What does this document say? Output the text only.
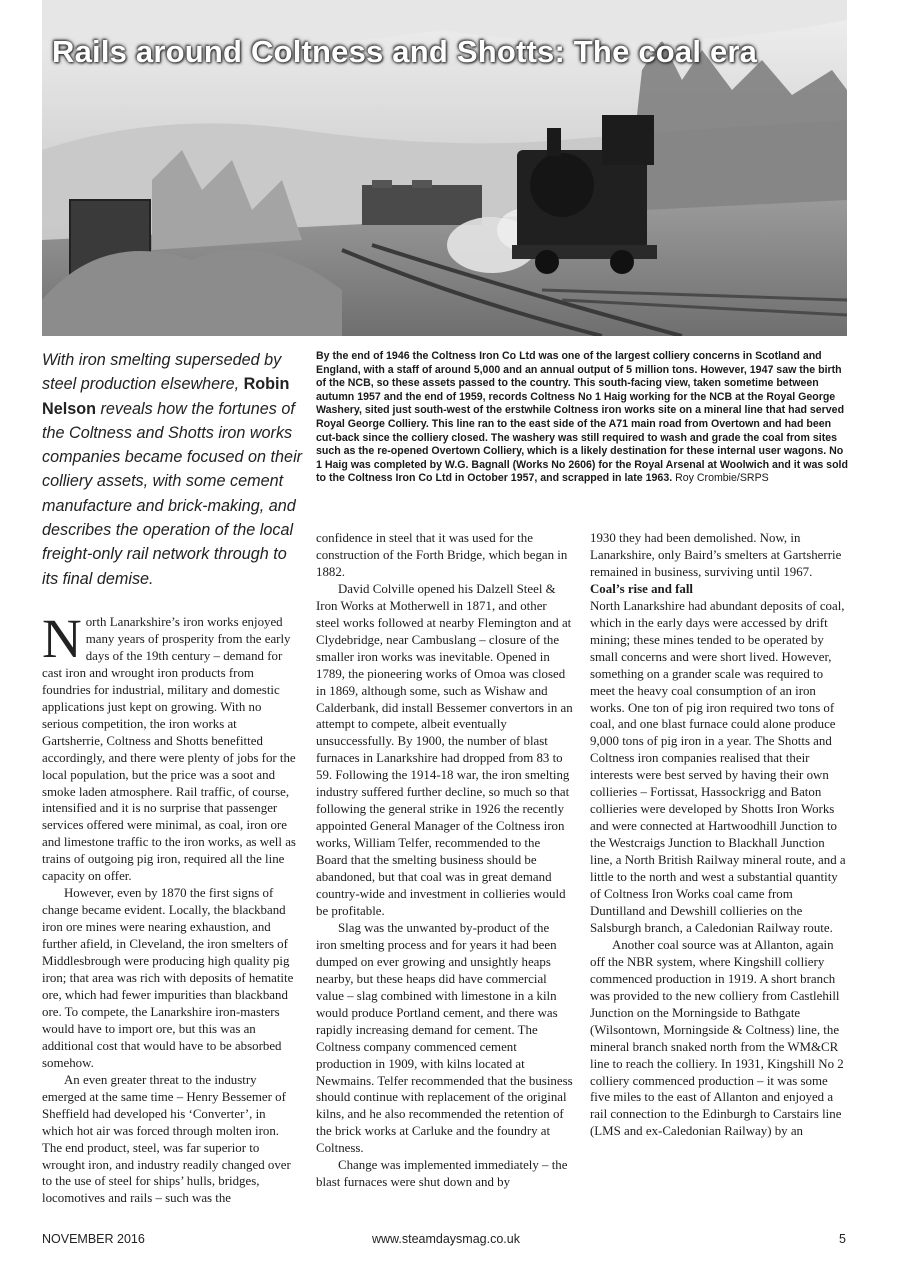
Rails around Coltness and Shotts: The coal era
With iron smelting superseded by steel production elsewhere, Robin Nelson reveals how the fortunes of the Coltness and Shotts iron works companies became focused on their colliery assets, with some cement manufacture and brick-making, and describes the operation of the local freight-only rail network through to its final demise.
By the end of 1946 the Coltness Iron Co Ltd was one of the largest colliery concerns in Scotland and England, with a staff of around 5,000 and an annual output of 5 million tons. However, 1947 saw the birth of the NCB, so these assets passed to the country. This south-facing view, taken sometime between autumn 1957 and the end of 1959, records Coltness No 1 Haig working for the NCB at the Royal George Washery, sited just south-west of the erstwhile Coltness iron works site on a mineral line that had served Royal George Colliery. This line ran to the east side of the A71 main road from Overtown and had been cut-back since the colliery closed. The washery was still required to wash and grade the coal from sites such as the re-opened Overtown Colliery, which is a likely destination for these internal user wagons. No 1 Haig was completed by W.G. Bagnall (Works No 2606) for the Royal Arsenal at Woolwich and it was sold to the Coltness Iron Co Ltd in October 1957, and scrapped in late 1963. Roy Crombie/SRPS

North Lanarkshire’s iron works enjoyed many years of prosperity from the early days of the 19th century – demand for cast iron and wrought iron products from foundries for industrial, military and domestic applications just kept on growing. With no serious competition, the iron works at Gartsherrie, Coltness and Shotts benefitted accordingly, and there were plenty of jobs for the local population, but the price was a soot and smoke laden atmosphere. Rail traffic, of course, intensified and it is no surprise that passenger services offered were minimal, as coal, iron ore and limestone traffic to the iron works, as well as trains of outgoing pig iron, required all the line capacity on offer.

However, even by 1870 the first signs of change became evident. Locally, the blackband iron ore mines were nearing exhaustion, and further afield, in Cleveland, the iron smelters of Middlesbrough were producing high quality pig iron; that area was rich with deposits of hematite ore, which had fewer impurities than blackband ore. To compete, the Lanarkshire iron-masters would have to import ore, but this was an additional cost that would have to be absorbed somehow.

An even greater threat to the industry emerged at the same time – Henry Bessemer of Sheffield had developed his ‘Converter’, in which hot air was forced through molten iron. The end product, steel, was far superior to wrought iron, and industry readily changed over to the use of steel for ships’ hulls, bridges, locomotives and rails – such was the

confidence in steel that it was used for the construction of the Forth Bridge, which began in 1882.

David Colville opened his Dalzell Steel & Iron Works at Motherwell in 1871, and other steel works followed at nearby Flemington and at Clydebridge, near Cambuslang – closure of the smaller iron works was inevitable. Opened in 1789, the pioneering works of Omoa was closed in 1869, although some, such as Wishaw and Calderbank, did install Bessemer convertors in an attempt to compete, albeit eventually unsuccessfully. By 1900, the number of blast furnaces in Lanarkshire had dropped from 83 to 59. Following the 1914-18 war, the iron smelting industry suffered further decline, so much so that following the general strike in 1926 the recently appointed General Manager of the Coltness iron works, William Telfer, recommended to the Board that the smelting business should be abandoned, but that coal was in great demand country-wide and investment in collieries would be profitable.

Slag was the unwanted by-product of the iron smelting process and for years it had been dumped on ever growing and unsightly heaps nearby, but these heaps did have commercial value – slag combined with limestone in a kiln would produce Portland cement, and there was rapidly increasing demand for cement. The Coltness company commenced cement production in 1909, with kilns located at Newmains. Telfer recommended that the business should continue with replacement of the original kilns, and he also recommended the retention of the brick works at Carluke and the foundry at Coltness.

Change was implemented immediately – the blast furnaces were shut down and by

1930 they had been demolished. Now, in Lanarkshire, only Baird’s smelters at Gartsherrie remained in business, surviving until 1967.

Coal’s rise and fall

North Lanarkshire had abundant deposits of coal, which in the early days were accessed by drift mining; these mines tended to be operated by small concerns and were short lived. However, something on a grander scale was required to meet the heavy coal consumption of an iron works. One ton of pig iron required two tons of coal, and one blast furnace could alone produce 9,000 tons of pig iron in a year. The Shotts and Coltness iron companies realised that their interests were best served by having their own collieries – Fortissat, Hassockrigg and Baton collieries were developed by Shotts Iron Works and were connected at Hartwoodhill Junction to the Westcraigs Junction to Blackhall Junction line, a North British Railway mineral route, and a little to the north and west a substantial quantity of Coltness Iron Works coal came from Duntilland and Dewshill collieries on the Salsburgh branch, a Caledonian Railway route.

Another coal source was at Allanton, again off the NBR system, where Kingshill colliery commenced production in 1919. A short branch was provided to the new colliery from Castlehill Junction on the Morningside to Bathgate (Wilsontown, Morningside & Coltness) line, the mineral branch snaked north from the WM&CR line to reach the colliery. In 1931, Kingshill No 2 colliery commenced production – it was some five miles to the east of Allanton and enjoyed a rail connection to the Edinburgh to Carstairs line (LMS and ex-Caledonian Railway) by an

NOVEMBER 2016	www.steamdaysmag.co.uk	5
